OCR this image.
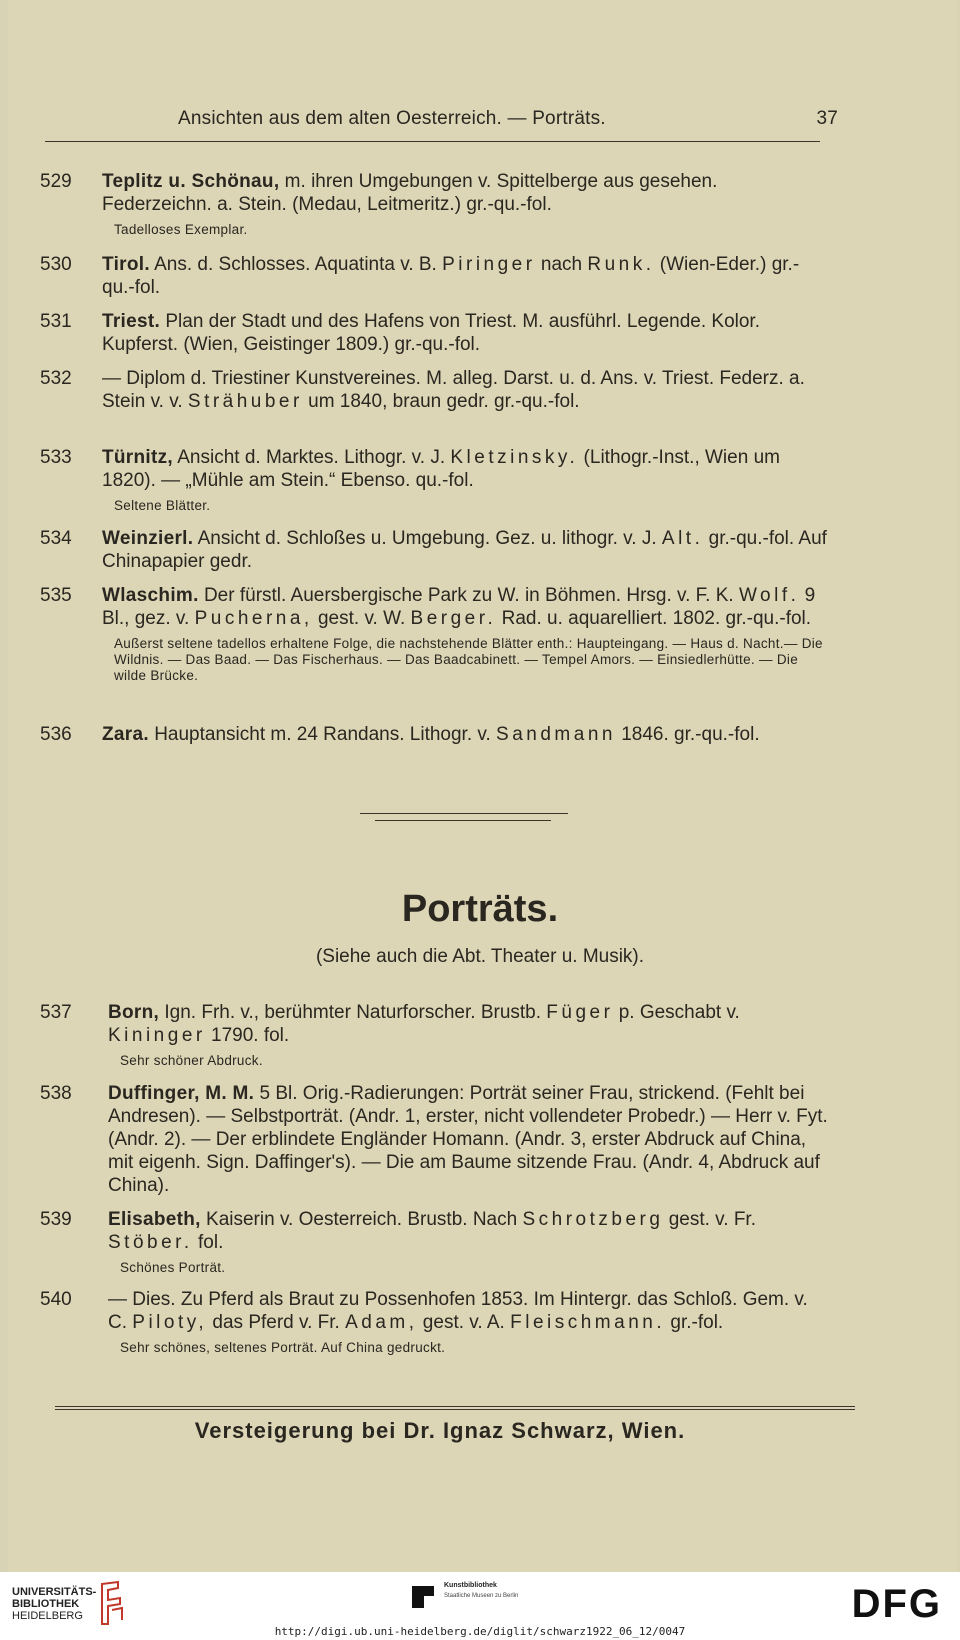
Ansichten aus dem alten Oesterreich. — Porträts.	37
529	Teplitz u. Schönau, m. ihren Umgebungen v. Spittelberge aus gesehen. Federzeichn. a. Stein. (Medau, Leitmeritz.) gr.-qu.-fol.
Tadelloses Exemplar.
530	Tirol. Ans. d. Schlosses. Aquatinta v. B. Piringer nach Runk. (Wien-Eder.) gr.-qu.-fol.
531	Triest. Plan der Stadt und des Hafens von Triest. M. ausführl. Legende. Kolor. Kupferst. (Wien, Geistinger 1809.) gr.-qu.-fol.
532	— Diplom d. Triestiner Kunstvereines. M. alleg. Darst. u. d. Ans. v. Triest. Federz. a. Stein v. v. Strähuber um 1840, braun gedr. gr.-qu.-fol.
533	Türnitz, Ansicht d. Marktes. Lithogr. v. J. Kletzinsky. (Lithogr.-Inst., Wien um 1820). — „Mühle am Stein.“ Ebenso. qu.-fol.
Seltene Blätter.
534	Weinzierl. Ansicht d. Schloßes u. Umgebung. Gez. u. lithogr. v. J. Alt. gr.-qu.-fol. Auf Chinapapier gedr.
535	Wlaschim. Der fürstl. Auersbergische Park zu W. in Böhmen. Hrsg. v. F. K. Wolf. 9 Bl., gez. v. Pucherna, gest. v. W. Berger. Rad. u. aquarelliert. 1802. gr.-qu.-fol.
Außerst seltene tadellos erhaltene Folge, die nachstehende Blätter enth.: Haupteingang. — Haus d. Nacht.— Die Wildnis. — Das Baad. — Das Fischerhaus. — Das Baadcabinett. — Tempel Amors. — Einsiedlerhütte. — Die wilde Brücke.
536	Zara. Hauptansicht m. 24 Randans. Lithogr. v. Sandmann 1846. gr.-qu.-fol.
Porträts.
(Siehe auch die Abt. Theater u. Musik).
537	Born, Ign. Frh. v., berühmter Naturforscher. Brustb. Füger p. Geschabt v. Kininger 1790. fol.
Sehr schöner Abdruck.
538	Duffinger, M. M. 5 Bl. Orig.-Radierungen: Porträt seiner Frau, strickend. (Fehlt bei Andresen). — Selbstporträt. (Andr. 1, erster, nicht vollendeter Probedr.) — Herr v. Fyt. (Andr. 2). — Der erblindete Engländer Homann. (Andr. 3, erster Abdruck auf China, mit eigenh. Sign. Daffinger's). — Die am Baume sitzende Frau. (Andr. 4, Abdruck auf China).
539	Elisabeth, Kaiserin v. Oesterreich. Brustb. Nach Schrotzberg gest. v. Fr. Stöber. fol.
Schönes Porträt.
540	— Dies. Zu Pferd als Braut zu Possenhofen 1853. Im Hintergr. das Schloß. Gem. v. C. Piloty, das Pferd v. Fr. Adam, gest. v. A. Fleischmann. gr.-fol.
Sehr schönes, seltenes Porträt. Auf China gedruckt.
Versteigerung bei Dr. Ignaz Schwarz, Wien.
UNIVERSITÄTS-
BIBLIOTHEK
HEIDELBERG
Kunstbibliothek
Staatliche Museen zu Berlin
http://digi.ub.uni-heidelberg.de/diglit/schwarz1922_06_12/0047
DFG
